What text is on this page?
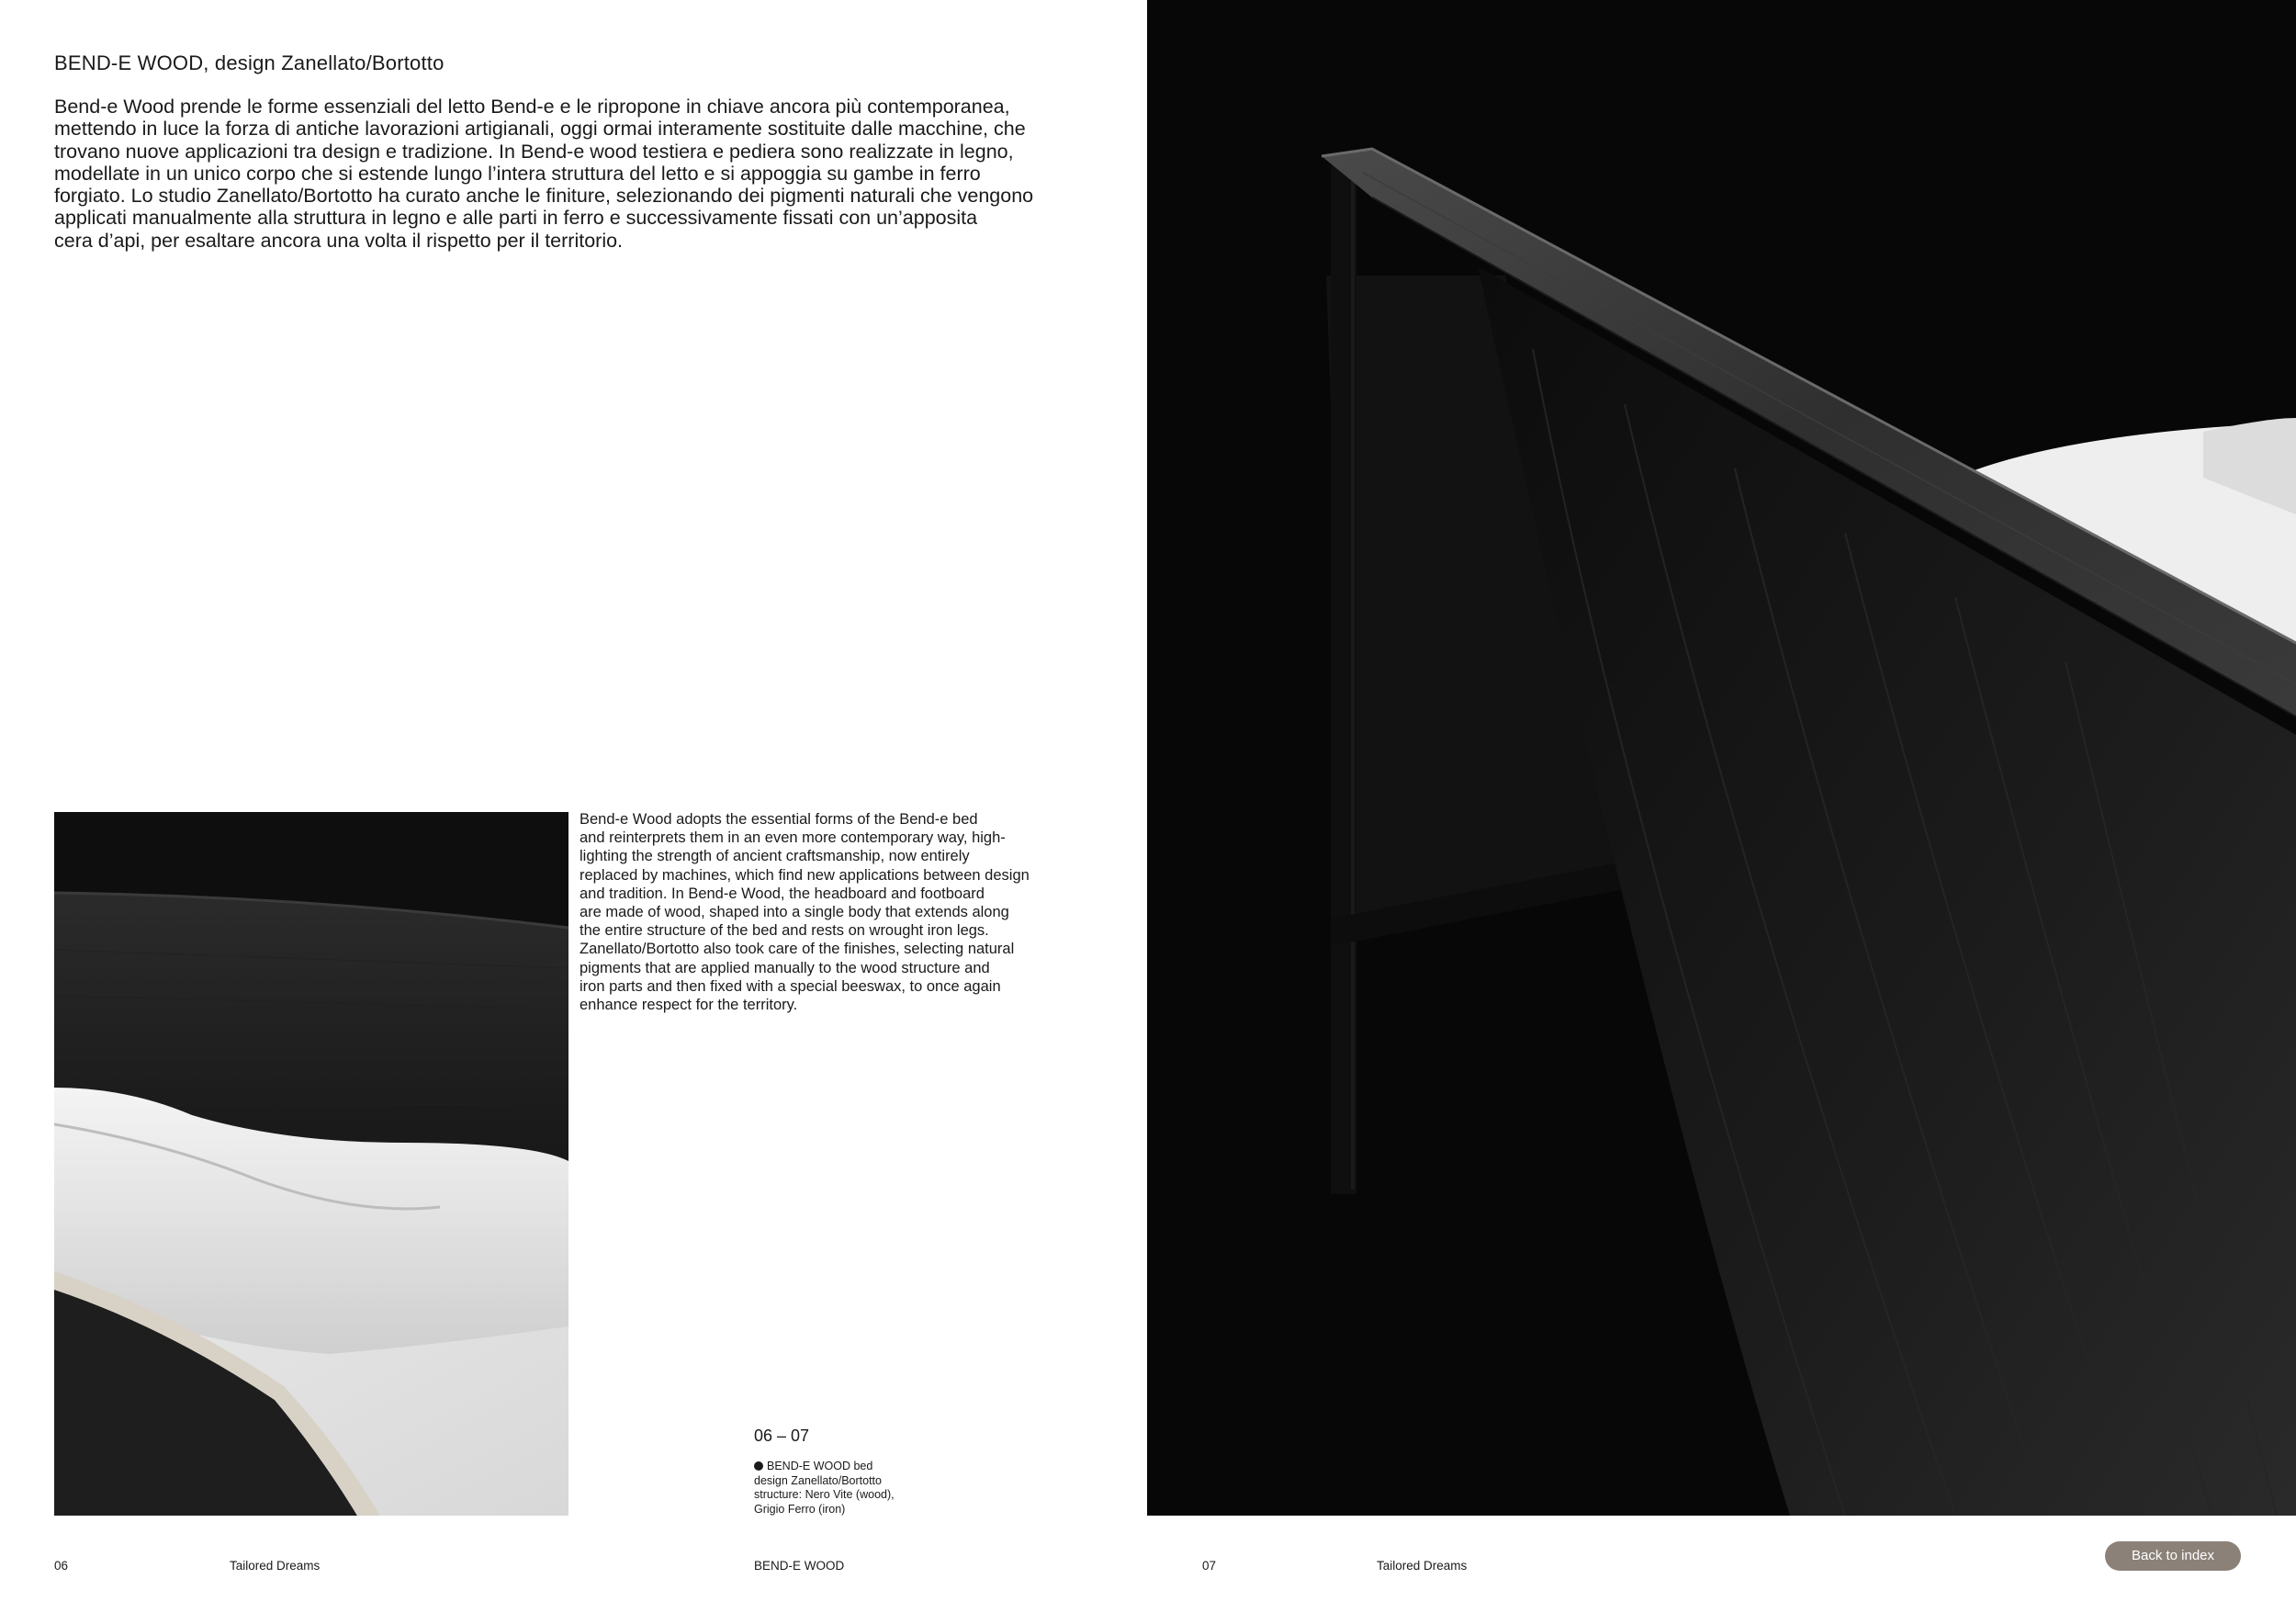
BEND-E WOOD, design Zanellato/Bortotto

Bend-e Wood prende le forme essenziali del letto Bend-e e le ripropone in chiave ancora più contemporanea,

mettendo in luce la forza di antiche lavorazioni artigianali, oggi ormai interamente sostituite dalle macchine, che

trovano nuove applicazioni tra design e tradizione. In Bend-e wood testiera e pediera sono realizzate in legno,

modellate in un unico corpo che si estende lungo l’intera struttura del letto e si appoggia su gambe in ferro

forgiato. Lo studio Zanellato/Bortotto ha curato anche le finiture, selezionando dei pigmenti naturali che vengono

applicati manualmente alla struttura in legno e alle parti in ferro e successivamente fissati con un’apposita

cera d’api, per esaltare ancora una volta il rispetto per il territorio.

Bend-e Wood adopts the essential forms of the Bend-e bed
and reinterprets them in an even more contemporary way, high-
lighting the strength of ancient craftsmanship, now entirely
replaced by machines, which find new applications between design
and tradition. In Bend-e Wood, the headboard and footboard
are made of wood, shaped into a single body that extends along
the entire structure of the bed and rests on wrought iron legs.
Zanellato/Bortotto also took care of the finishes, selecting natural
pigments that are applied manually to the wood structure and
iron parts and then fixed with a special beeswax, to once again
enhance respect for the territory.
06 – 07
BEND-E WOOD bed
design Zanellato/Bortotto
structure: Nero Vite (wood),
Grigio Ferro (iron)
06	Tailored Dreams	BEND-E WOOD	07	Tailored Dreams
Back to index
